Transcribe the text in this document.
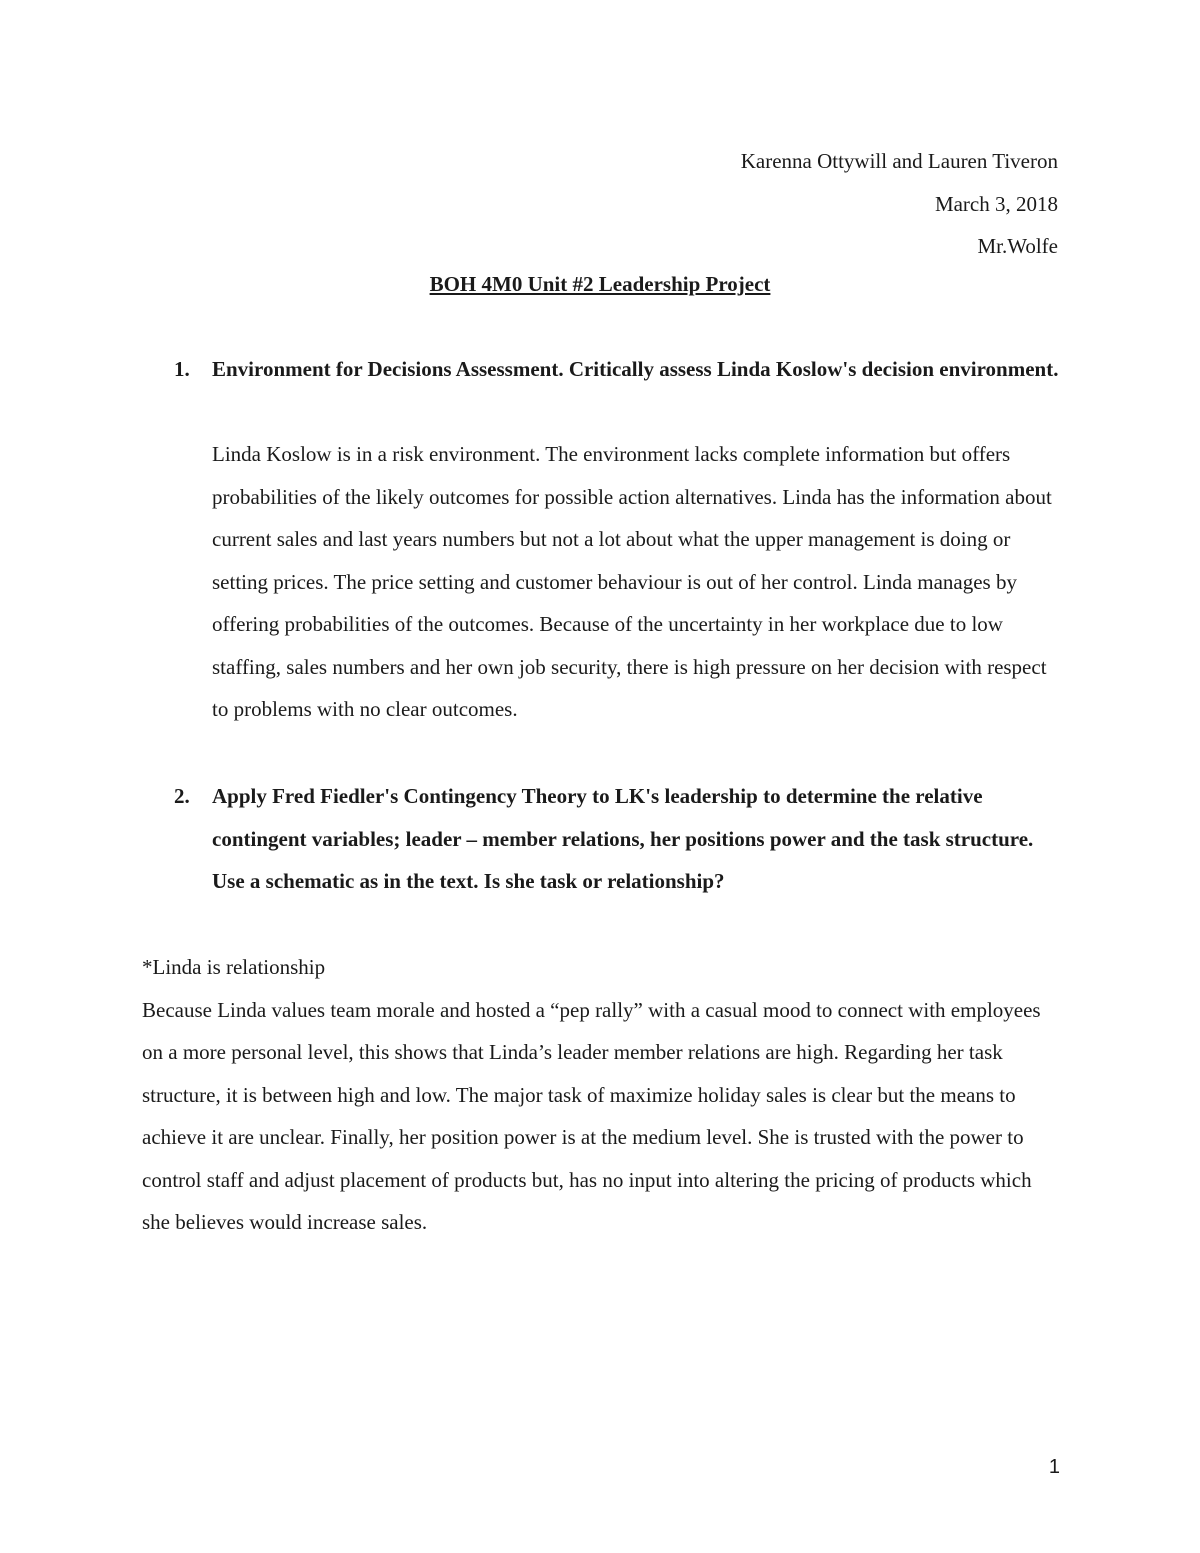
Karenna Ottywill and Lauren Tiveron

March 3, 2018

Mr.Wolfe

BOH 4M0 Unit #2 Leadership Project
1. Environment for Decisions Assessment. Critically assess Linda Koslow's decision environment.

Linda Koslow is in a risk environment. The environment lacks complete information but offers probabilities of the likely outcomes for possible action alternatives. Linda has the information about current sales and last years numbers but not a lot about what the upper management is doing or setting prices. The price setting and customer behaviour is out of her control. Linda manages by offering probabilities of the outcomes. Because of the uncertainty in her workplace due to low staffing, sales numbers and her own job security, there is high pressure on her decision with respect to problems with no clear outcomes.

2. Apply Fred Fiedler's Contingency Theory to LK's leadership to determine the relative contingent variables; leader – member relations, her positions power and the task structure. Use a schematic as in the text. Is she task or relationship?

*Linda is relationship

Because Linda values team morale and hosted a “pep rally” with a casual mood to connect with employees on a more personal level, this shows that Linda’s leader member relations are high. Regarding her task structure, it is between high and low. The major task of maximize holiday sales is clear but the means to achieve it are unclear. Finally, her position power is at the medium level. She is trusted with the power to control staff and adjust placement of products but, has no input into altering the pricing of products which she believes would increase sales.

1
